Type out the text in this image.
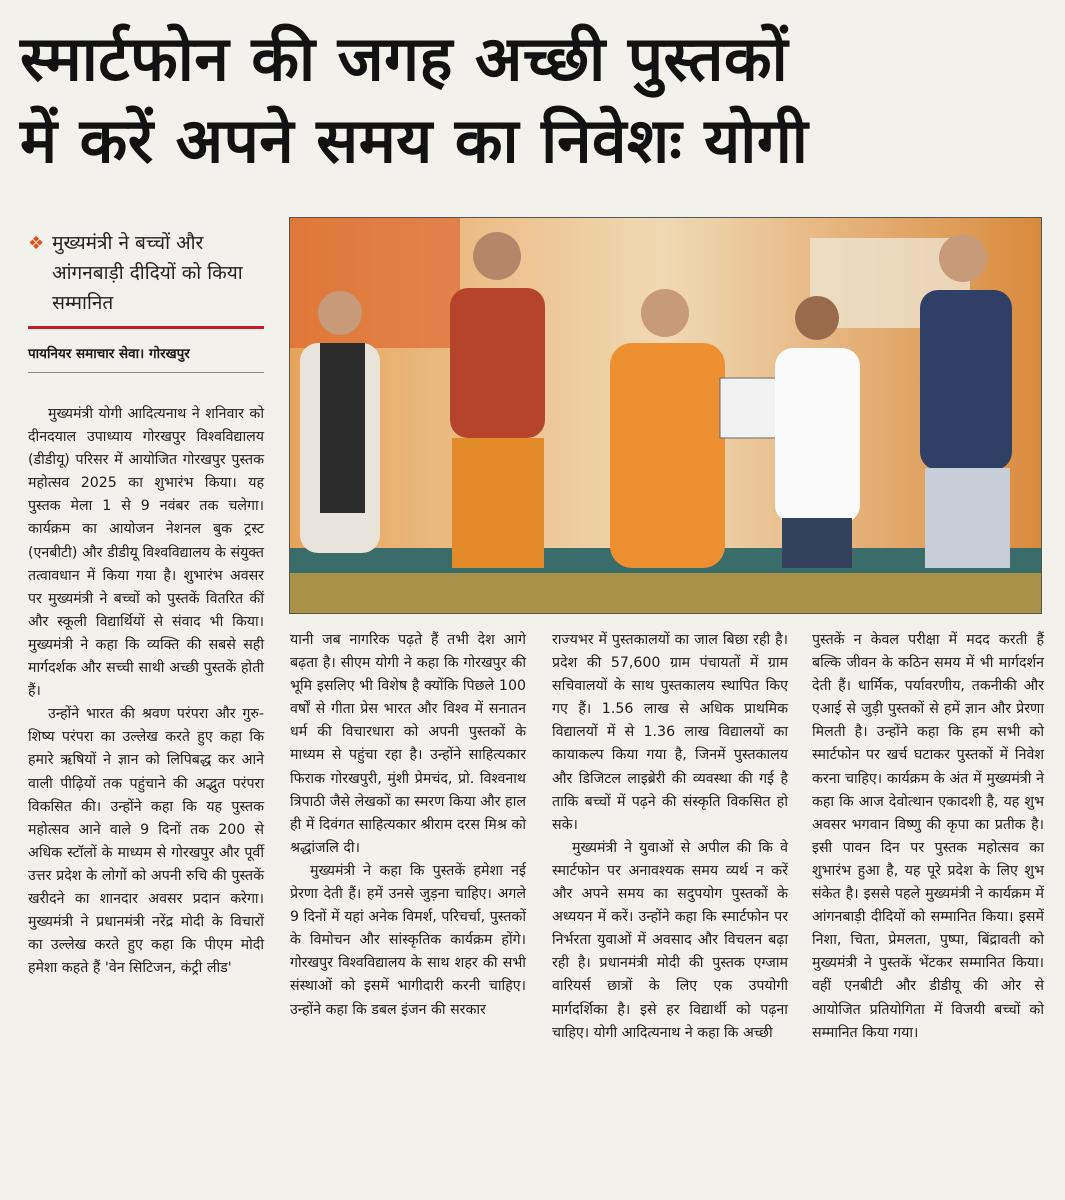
स्मार्टफोन की जगह अच्छी पुस्तकों
में करें अपने समय का निवेशः योगी
❖ मुख्यमंत्री ने बच्चों और आंगनबाड़ी दीदियों को किया सम्मानित
पायनियर समाचार सेवा। गोरखपुर

मुख्यमंत्री योगी आदित्यनाथ ने शनिवार को दीनदयाल उपाध्याय गोरखपुर विश्वविद्यालय (डीडीयू) परिसर में आयोजित गोरखपुर पुस्तक महोत्सव 2025 का शुभारंभ किया। यह पुस्तक मेला 1 से 9 नवंबर तक चलेगा। कार्यक्रम का आयोजन नेशनल बुक ट्रस्ट (एनबीटी) और डीडीयू विश्वविद्यालय के संयुक्त तत्वावधान में किया गया है। शुभारंभ अवसर पर मुख्यमंत्री ने बच्चों को पुस्तकें वितरित कीं और स्कूली विद्यार्थियों से संवाद भी किया। मुख्यमंत्री ने कहा कि व्यक्ति की सबसे सही मार्गदर्शक और सच्ची साथी अच्छी पुस्तकें होती हैं।

उन्होंने भारत की श्रवण परंपरा और गुरु-शिष्य परंपरा का उल्लेख करते हुए कहा कि हमारे ऋषियों ने ज्ञान को लिपिबद्ध कर आने वाली पीढ़ियों तक पहुंचाने की अद्भुत परंपरा विकसित की। उन्होंने कहा कि यह पुस्तक महोत्सव आने वाले 9 दिनों तक 200 से अधिक स्टॉलों के माध्यम से गोरखपुर और पूर्वी उत्तर प्रदेश के लोगों को अपनी रुचि की पुस्तकें खरीदने का शानदार अवसर प्रदान करेगा। मुख्यमंत्री ने प्रधानमंत्री नरेंद्र मोदी के विचारों का उल्लेख करते हुए कहा कि पीएम मोदी हमेशा कहते हैं 'वेन सिटिजन, कंट्री लीड'

यानी जब नागरिक पढ़ते हैं तभी देश आगे बढ़ता है। सीएम योगी ने कहा कि गोरखपुर की भूमि इसलिए भी विशेष है क्योंकि पिछले 100 वर्षों से गीता प्रेस भारत और विश्व में सनातन धर्म की विचारधारा को अपनी पुस्तकों के माध्यम से पहुंचा रहा है। उन्होंने साहित्यकार फिराक गोरखपुरी, मुंशी प्रेमचंद, प्रो. विश्वनाथ त्रिपाठी जैसे लेखकों का स्मरण किया और हाल ही में दिवंगत साहित्यकार श्रीराम दरस मिश्र को श्रद्धांजलि दी।

मुख्यमंत्री ने कहा कि पुस्तकें हमेशा नई प्रेरणा देती हैं। हमें उनसे जुड़ना चाहिए। अगले 9 दिनों में यहां अनेक विमर्श, परिचर्चा, पुस्तकों के विमोचन और सांस्कृतिक कार्यक्रम होंगे। गोरखपुर विश्वविद्यालय के साथ शहर की सभी संस्थाओं को इसमें भागीदारी करनी चाहिए। उन्होंने कहा कि डबल इंजन की सरकार

राज्यभर में पुस्तकालयों का जाल बिछा रही है। प्रदेश की 57,600 ग्राम पंचायतों में ग्राम सचिवालयों के साथ पुस्तकालय स्थापित किए गए हैं। 1.56 लाख से अधिक प्राथमिक विद्यालयों में से 1.36 लाख विद्यालयों का कायाकल्प किया गया है, जिनमें पुस्तकालय और डिजिटल लाइब्रेरी की व्यवस्था की गई है ताकि बच्चों में पढ़ने की संस्कृति विकसित हो सके।

मुख्यमंत्री ने युवाओं से अपील की कि वे स्मार्टफोन पर अनावश्यक समय व्यर्थ न करें और अपने समय का सदुपयोग पुस्तकों के अध्ययन में करें। उन्होंने कहा कि स्मार्टफोन पर निर्भरता युवाओं में अवसाद और विचलन बढ़ा रही है। प्रधानमंत्री मोदी की पुस्तक एग्जाम वारियर्स छात्रों के लिए एक उपयोगी मार्गदर्शिका है। इसे हर विद्यार्थी को पढ़ना चाहिए। योगी आदित्यनाथ ने कहा कि अच्छी

पुस्तकें न केवल परीक्षा में मदद करती हैं बल्कि जीवन के कठिन समय में भी मार्गदर्शन देती हैं। धार्मिक, पर्यावरणीय, तकनीकी और एआई से जुड़ी पुस्तकों से हमें ज्ञान और प्रेरणा मिलती है। उन्होंने कहा कि हम सभी को स्मार्टफोन पर खर्च घटाकर पुस्तकों में निवेश करना चाहिए। कार्यक्रम के अंत में मुख्यमंत्री ने कहा कि आज देवोत्थान एकादशी है, यह शुभ अवसर भगवान विष्णु की कृपा का प्रतीक है। इसी पावन दिन पर पुस्तक महोत्सव का शुभारंभ हुआ है, यह पूरे प्रदेश के लिए शुभ संकेत है। इससे पहले मुख्यमंत्री ने कार्यक्रम में आंगनबाड़ी दीदियों को सम्मानित किया। इसमें निशा, चिता, प्रेमलता, पुष्पा, बिंद्रावती को मुख्यमंत्री ने पुस्तकें भेंटकर सम्मानित किया। वहीं एनबीटी और डीडीयू की ओर से आयोजित प्रतियोगिता में विजयी बच्चों को सम्मानित किया गया।
